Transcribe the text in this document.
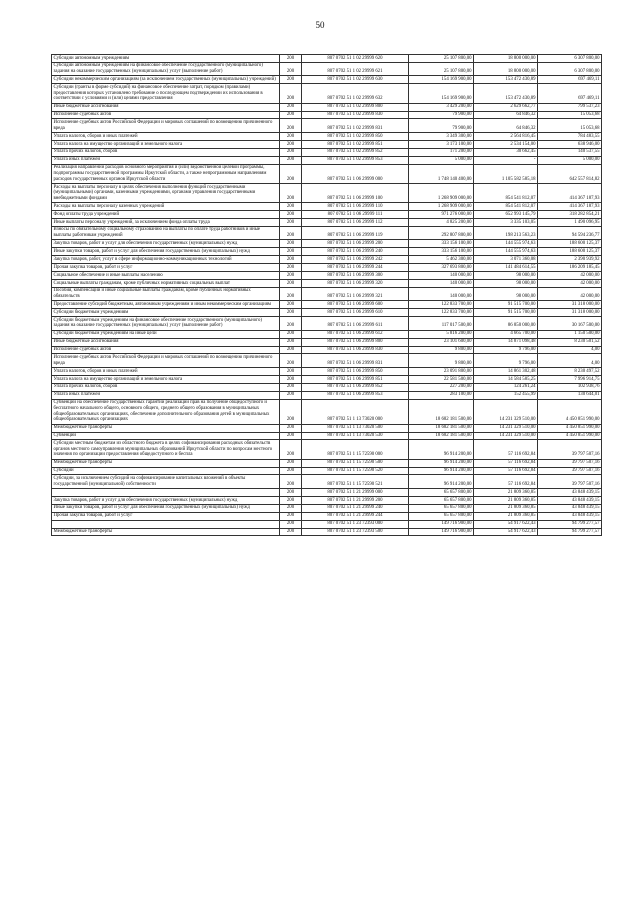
50
Субсидии автономным учреждениям	200	807 0702 51 1 02 29999 620	25 107 800,00	18 800 000,00	6 307 800,00
Субсидии автономным учреждениям на финансовое обеспечение государственного (муниципального) задания на оказание государственных (муниципальных) услуг (выполнение работ)	200	807 0702 51 1 02 29999 621	25 107 800,00	18 800 000,00	6 307 800,00
Субсидии некоммерческим организациям (за исключением государственных (муниципальных) учреждений)	200	807 0702 51 1 02 29999 630	154 169 900,00	153 472 430,89	697 469,11
Субсидии (гранты в форме субсидий) на финансовое обеспечение затрат, порядком (правилами) предоставления которых установлено требование о последующем подтверждении их использования в соответствии с условиями и (или) целями предоставления	200	807 0702 51 1 02 29999 632	154 169 900,00	153 472 430,89	697 469,11
Иные бюджетные ассигнования	200	807 0702 51 1 02 29999 800	3 429 200,00	2 629 662,77	799 537,23
Исполнение судебных актов	200	807 0702 51 1 02 29999 830	79 900,00	64 846,32	15 053,68
Исполнение судебных актов Российской Федерации и мировых соглашений по возмещению причиненного вреда	200	807 0702 51 1 02 29999 831	79 900,00	64 846,32	15 053,68
Уплата налогов, сборов и иных платежей	200	807 0702 51 1 02 29999 850	3 349 300,00	2 564 816,45	784 483,55
Уплата налога на имущество организаций и земельного налога	200	807 0702 51 1 02 29999 851	3 173 100,00	2 534 154,00	638 946,00
Уплата прочих налогов, сборов	200	807 0702 51 1 02 29999 852	171 200,00	30 662,45	140 537,55
Уплата иных платежей	200	807 0702 51 1 02 29999 853	5 000,00	-	5 000,00
Реализация направлений расходов основного мероприятия и (или) ведомственной целевой программы, подпрограммы государственной программы Иркутской области, а также непрограммным направлениям расходов государственных органов Иркутской области	200	807 0702 51 1 06 29999 000	1 748 140 400,00	1 105 582 585,18	642 557 814,82
Расходы на выплаты персоналу в целях обеспечения выполнения функций государственными (муниципальными) органами, казенными учреждениями, органами управления государственными внебюджетными фондами	200	807 0702 51 1 06 29999 100	1 268 909 000,00	854 541 812,07	414 367 187,93
Расходы на выплаты персоналу казенных учреждений	200	807 0702 51 1 06 29999 110	1 268 909 000,00	854 541 812,07	414 367 187,93
Фонд оплаты труда учреждений	200	807 0702 51 1 06 29999 111	971 276 000,00	652 993 145,79	318 282 854,21
Иные выплаты персоналу учреждений, за исключением фонда оплаты труда	200	807 0702 51 1 06 29999 112	4 825 200,00	3 335 103,05	1 490 096,95
Взносы по обязательному социальному страхованию на выплаты по оплате труда работников и иные выплаты работникам учреждений	200	807 0702 51 1 06 29999 119	292 807 800,00	198 213 563,23	94 594 236,77
Закупка товаров, работ и услуг для обеспечения государственных (муниципальных) нужд	200	807 0702 51 1 06 29999 200	333 156 100,00	144 555 974,63	188 600 125,37
Иные закупки товаров, работ и услуг для обеспечения государственных (муниципальных) нужд	200	807 0702 51 1 06 29999 240	333 156 100,00	144 555 974,63	188 600 125,37
Закупка товаров, работ, услуг в сфере информационно-коммуникационных технологий	200	807 0702 51 1 06 29999 242	5 462 300,00	3 071 360,08	2 390 939,92
Прочая закупка товаров, работ и услуг	200	807 0702 51 1 06 29999 244	327 693 800,00	141 484 614,55	186 209 185,45
Социальное обеспечение и иные выплаты населению	200	807 0702 51 1 06 29999 300	140 000,00	98 000,00	42 000,00
Социальные выплаты гражданам, кроме публичных нормативных социальных выплат	200	807 0702 51 1 06 29999 320	140 000,00	98 000,00	42 000,00
Пособия, компенсации и иные социальные выплаты гражданам, кроме публичных нормативных обязательств	200	807 0702 51 1 06 29999 321	140 000,00	98 000,00	42 000,00
Предоставление субсидий бюджетным, автономным учреждениям и иным некоммерческим организациям	200	807 0702 51 1 06 29999 600	122 833 700,00	91 515 700,00	31 318 000,00
Субсидии бюджетным учреждениям	200	807 0702 51 1 06 29999 610	122 833 700,00	91 515 700,00	31 318 000,00
Субсидии бюджетным учреждениям на финансовое обеспечение государственного (муниципального) задания на оказание государственных (муниципальных) услуг (выполнение работ)	200	807 0702 51 1 06 29999 611	117 017 500,00	86 850 000,00	30 167 500,00
Субсидии бюджетным учреждениям на иные цели	200	807 0702 51 1 06 29999 612	5 816 200,00	4 665 700,00	1 150 500,00
Иные бюджетные ассигнования	200	807 0702 51 1 06 29999 800	23 101 600,00	14 871 098,48	8 230 501,52
Исполнение судебных актов	200	807 0702 51 1 06 29999 830	9 800,00	9 796,00	4,00
Исполнение судебных актов Российской Федерации и мировых соглашений по возмещению причиненного вреда	200	807 0702 51 1 06 29999 831	9 800,00	9 796,00	4,00
Уплата налогов, сборов и иных платежей	200	807 0702 51 1 06 29999 850	23 091 800,00	14 861 302,48	8 230 497,52
Уплата налога на имущество организаций и земельного налога	200	807 0702 51 1 06 29999 851	22 581 500,00	14 584 585,25	7 996 914,75
Уплата прочих налогов, сборов	200	807 0702 51 1 06 29999 852	227 200,00	124 261,24	102 938,76
Уплата иных платежей	200	807 0702 51 1 06 29999 853	283 100,00	152 455,99	130 644,01
Субвенции на обеспечение государственных гарантий реализации прав на получение общедоступного и бесплатного начального общего, основного общего, среднего общего образования в муниципальных общеобразовательных организациях, обеспечение дополнительного образования детей в муниципальных общеобразовательных организациях	200	807 0702 51 1 13 73020 000	18 682 181 500,00	14 231 329 510,00	4 450 851 990,00
Межбюджетные трансферты	200	807 0702 51 1 13 73020 500	18 682 181 500,00	14 231 329 510,00	4 450 851 990,00
Субвенции	200	807 0702 51 1 13 73020 530	18 682 181 500,00	14 231 329 510,00	4 450 851 990,00
Субсидии местным бюджетам из областного бюджета в целях софинансирования расходных обязательств органов местного самоуправления муниципальных образований Иркутской области по вопросам местного значения по организации предоставления общедоступного и беспла	200	807 0702 51 1 15 72590 000	96 914 200,00	57 116 692,84	39 797 507,16
Межбюджетные трансферты	200	807 0702 51 1 15 72590 500	96 914 200,00	57 116 692,84	39 797 507,16
Субсидии	200	807 0702 51 1 15 72590 520	96 914 200,00	57 116 692,84	39 797 507,16
Субсидии, за исключением субсидий на софинансирование капитальных вложений в объекты государственной (муниципальной) собственности	200	807 0702 51 1 15 72590 521	96 914 200,00	57 116 692,84	39 797 507,16
	200	807 0702 51 1 21 29999 000	65 657 800,00	21 809 360,85	43 848 439,15
Закупка товаров, работ и услуг для обеспечения государственных (муниципальных) нужд	200	807 0702 51 1 21 29999 200	65 657 800,00	21 809 360,85	43 848 439,15
Иные закупки товаров, работ и услуг для обеспечения государственных (муниципальных) нужд	200	807 0702 51 1 21 29999 240	65 657 800,00	21 809 360,85	43 848 439,15
Прочая закупка товаров, работ и услуг	200	807 0702 51 1 21 29999 244	65 657 800,00	21 809 360,85	43 848 439,15
	200	807 0702 51 1 23 72393 000	149 716 900,00	54 917 622,43	94 799 277,57
Межбюджетные трансферты	200	807 0702 51 1 23 72393 500	149 716 900,00	54 917 622,43	94 799 277,57
